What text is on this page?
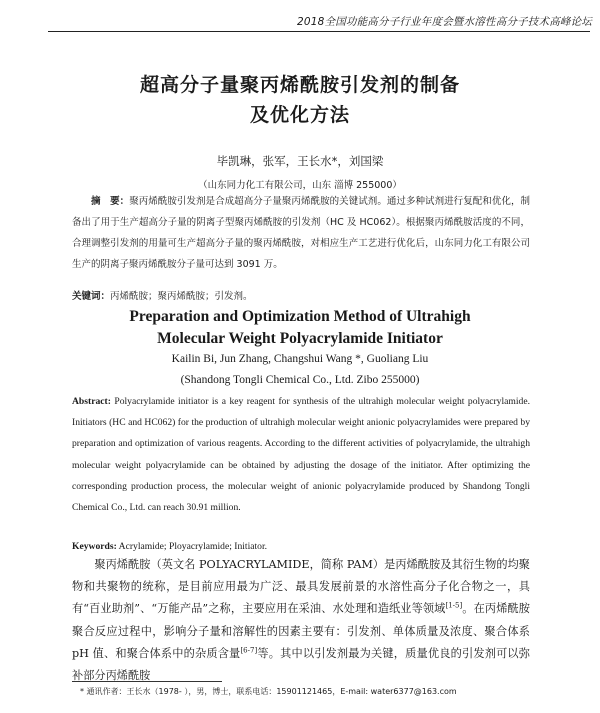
2018全国功能高分子行业年度会暨水溶性高分子技术高峰论坛
超高分子量聚丙烯酰胺引发剂的制备
及优化方法
毕凯琳，张军，王长水*，刘国梁
（山东同力化工有限公司，山东 淄博 255000）
摘　要：聚丙烯酰胺引发剂是合成超高分子量聚丙烯酰胺的关键试剂。通过多种试剂进行复配和优化，制备出了用于生产超高分子量的阴离子型聚丙烯酰胺的引发剂（HC 及 HC062）。根据聚丙烯酰胺活度的不同，合理调整引发剂的用量可生产超高分子量的聚丙烯酰胺，对相应生产工艺进行优化后，山东同力化工有限公司生产的阴离子聚丙烯酰胺分子量可达到 3091 万。
关键词：丙烯酰胺；聚丙烯酰胺；引发剂。
Preparation and Optimization Method of Ultrahigh
Molecular Weight Polyacrylamide Initiator
Kailin Bi, Jun Zhang, Changshui Wang *, Guoliang Liu
(Shandong Tongli Chemical Co., Ltd. Zibo 255000)
Abstract: Polyacrylamide initiator is a key reagent for synthesis of the ultrahigh molecular weight polyacrylamide. Initiators (HC and HC062) for the production of ultrahigh molecular weight anionic polyacrylamides were prepared by preparation and optimization of various reagents. According to the different activities of polyacrylamide, the ultrahigh molecular weight polyacrylamide can be obtained by adjusting the dosage of the initiator. After optimizing the corresponding production process, the molecular weight of anionic polyacrylamide produced by Shandong Tongli Chemical Co., Ltd. can reach 30.91 million.
Keywords: Acrylamide; Ployacrylamide; Initiator.
聚丙烯酰胺（英文名 POLYACRYLAMIDE，简称 PAM）是丙烯酰胺及其衍生物的均聚物和共聚物的统称，是目前应用最为广泛、最具发展前景的水溶性高分子化合物之一，具有“百业助剂”、“万能产品”之称，主要应用在采油、水处理和造纸业等领域[1-5]。在丙烯酰胺聚合反应过程中，影响分子量和溶解性的因素主要有：引发剂、单体质量及浓度、聚合体系 pH 值、和聚合体系中的杂质含量[6-7]等。其中以引发剂最为关键，质量优良的引发剂可以弥补部分丙烯酰胺
* 通讯作者：王长水（1978- ），男，博士，联系电话：15901121465，E-mail: water6377@163.com
